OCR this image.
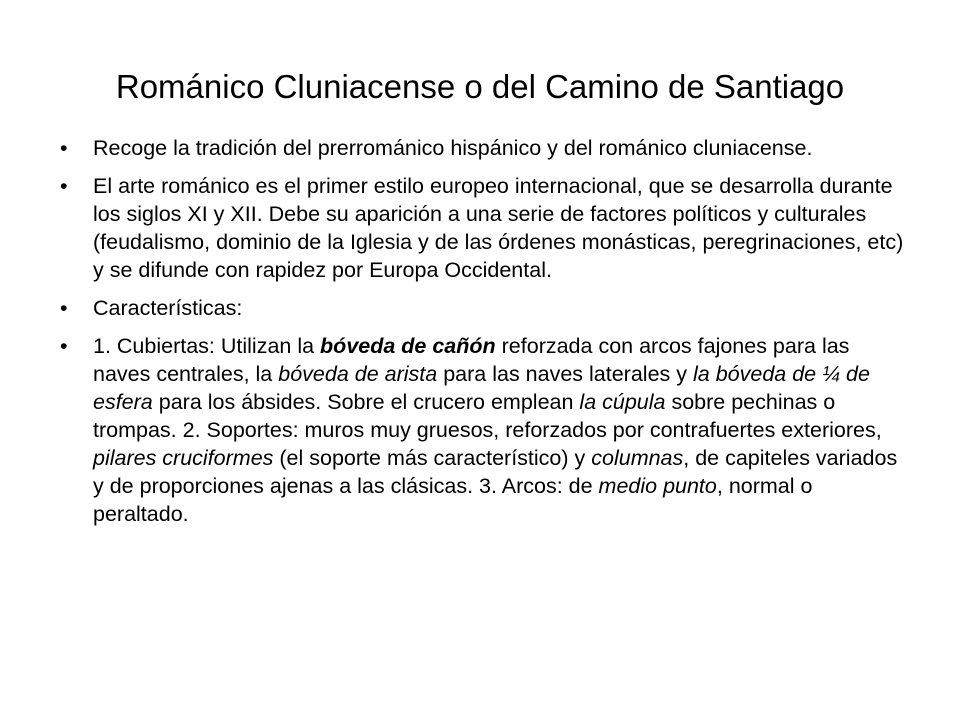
Románico Cluniacense o del Camino de Santiago
• Recoge la tradición del prerrománico hispánico y del románico cluniacense.
• El arte románico es el primer estilo europeo internacional, que se desarrolla durante los siglos XI y XII. Debe su aparición a una serie de factores políticos y culturales (feudalismo, dominio de la Iglesia y de las órdenes monásticas, peregrinaciones, etc) y se difunde con rapidez por Europa Occidental.
• Características:
• 1. Cubiertas: Utilizan la bóveda de cañón reforzada con arcos fajones para las naves centrales, la bóveda de arista para las naves laterales y la bóveda de ¼ de esfera para los ábsides. Sobre el crucero emplean la cúpula sobre pechinas o trompas. 2. Soportes: muros muy gruesos, reforzados por contrafuertes exteriores, pilares cruciformes (el soporte más característico) y columnas, de capiteles variados y de proporciones ajenas a las clásicas. 3. Arcos: de medio punto, normal o peraltado.
